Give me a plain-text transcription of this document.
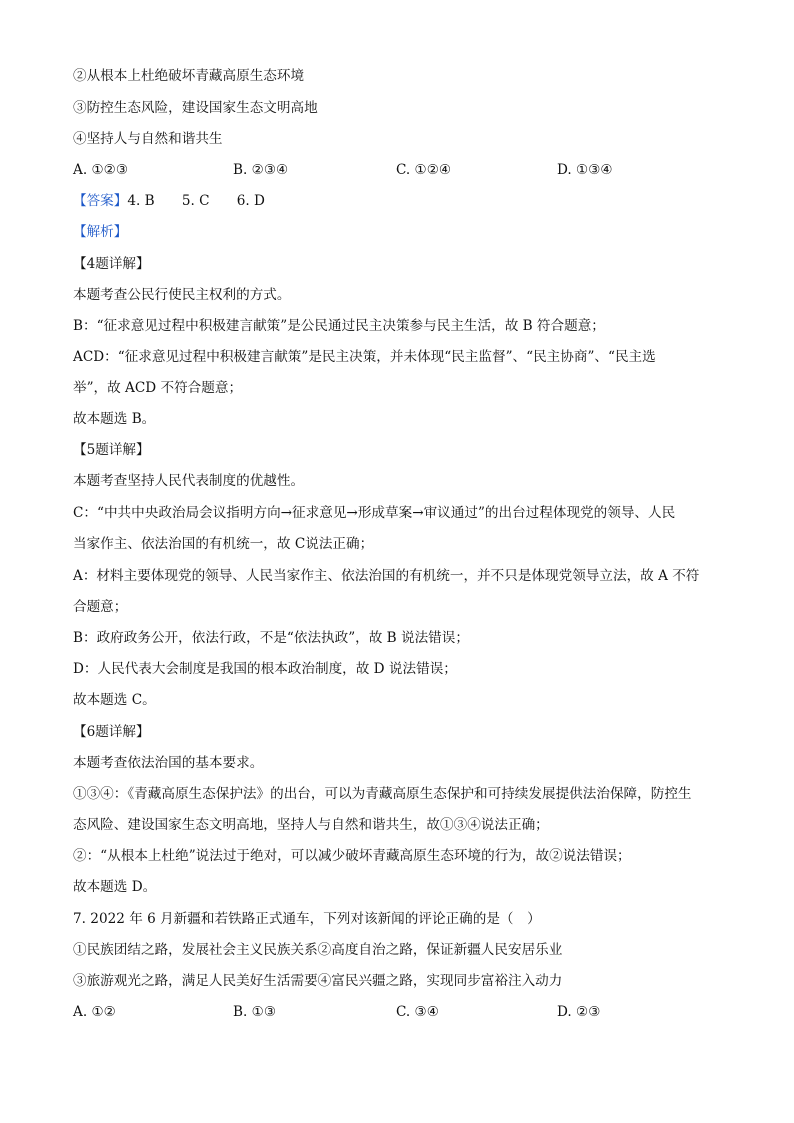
②从根本上杜绝破坏青藏高原生态环境
③防控生态风险，建设国家生态文明高地
④坚持人与自然和谐共生
A. ①②③	B. ②③④	C. ①②④	D. ①③④
【答案】4. B　　5. C　　6. D
【解析】
【4题详解】
本题考查公民行使民主权利的方式。
B：“征求意见过程中积极建言献策”是公民通过民主决策参与民主生活，故 B 符合题意；
ACD：“征求意见过程中积极建言献策”是民主决策，并未体现“民主监督”、“民主协商”、“民主选
举”，故 ACD 不符合题意；
故本题选 B。
【5题详解】
本题考查坚持人民代表制度的优越性。
C：“中共中央政治局会议指明方向→征求意见→形成草案→审议通过”的出台过程体现党的领导、人民
当家作主、依法治国的有机统一，故 C说法正确；
A：材料主要体现党的领导、人民当家作主、依法治国的有机统一，并不只是体现党领导立法，故 A 不符
合题意；
B：政府政务公开，依法行政，不是“依法执政”，故 B 说法错误；
D：人民代表大会制度是我国的根本政治制度，故 D 说法错误；
故本题选 C。
【6题详解】
本题考查依法治国的基本要求。
①③④：《青藏高原生态保护法》的出台，可以为青藏高原生态保护和可持续发展提供法治保障，防控生
态风险、建设国家生态文明高地，坚持人与自然和谐共生，故①③④说法正确；
②：“从根本上杜绝”说法过于绝对，可以减少破坏青藏高原生态环境的行为，故②说法错误；
故本题选 D。
7. 2022 年 6 月新疆和若铁路正式通车，下列对该新闻的评论正确的是（　）
①民族团结之路，发展社会主义民族关系②高度自治之路，保证新疆人民安居乐业
③旅游观光之路，满足人民美好生活需要④富民兴疆之路，实现同步富裕注入动力
A. ①②	B. ①③	C. ③④	D. ②③
